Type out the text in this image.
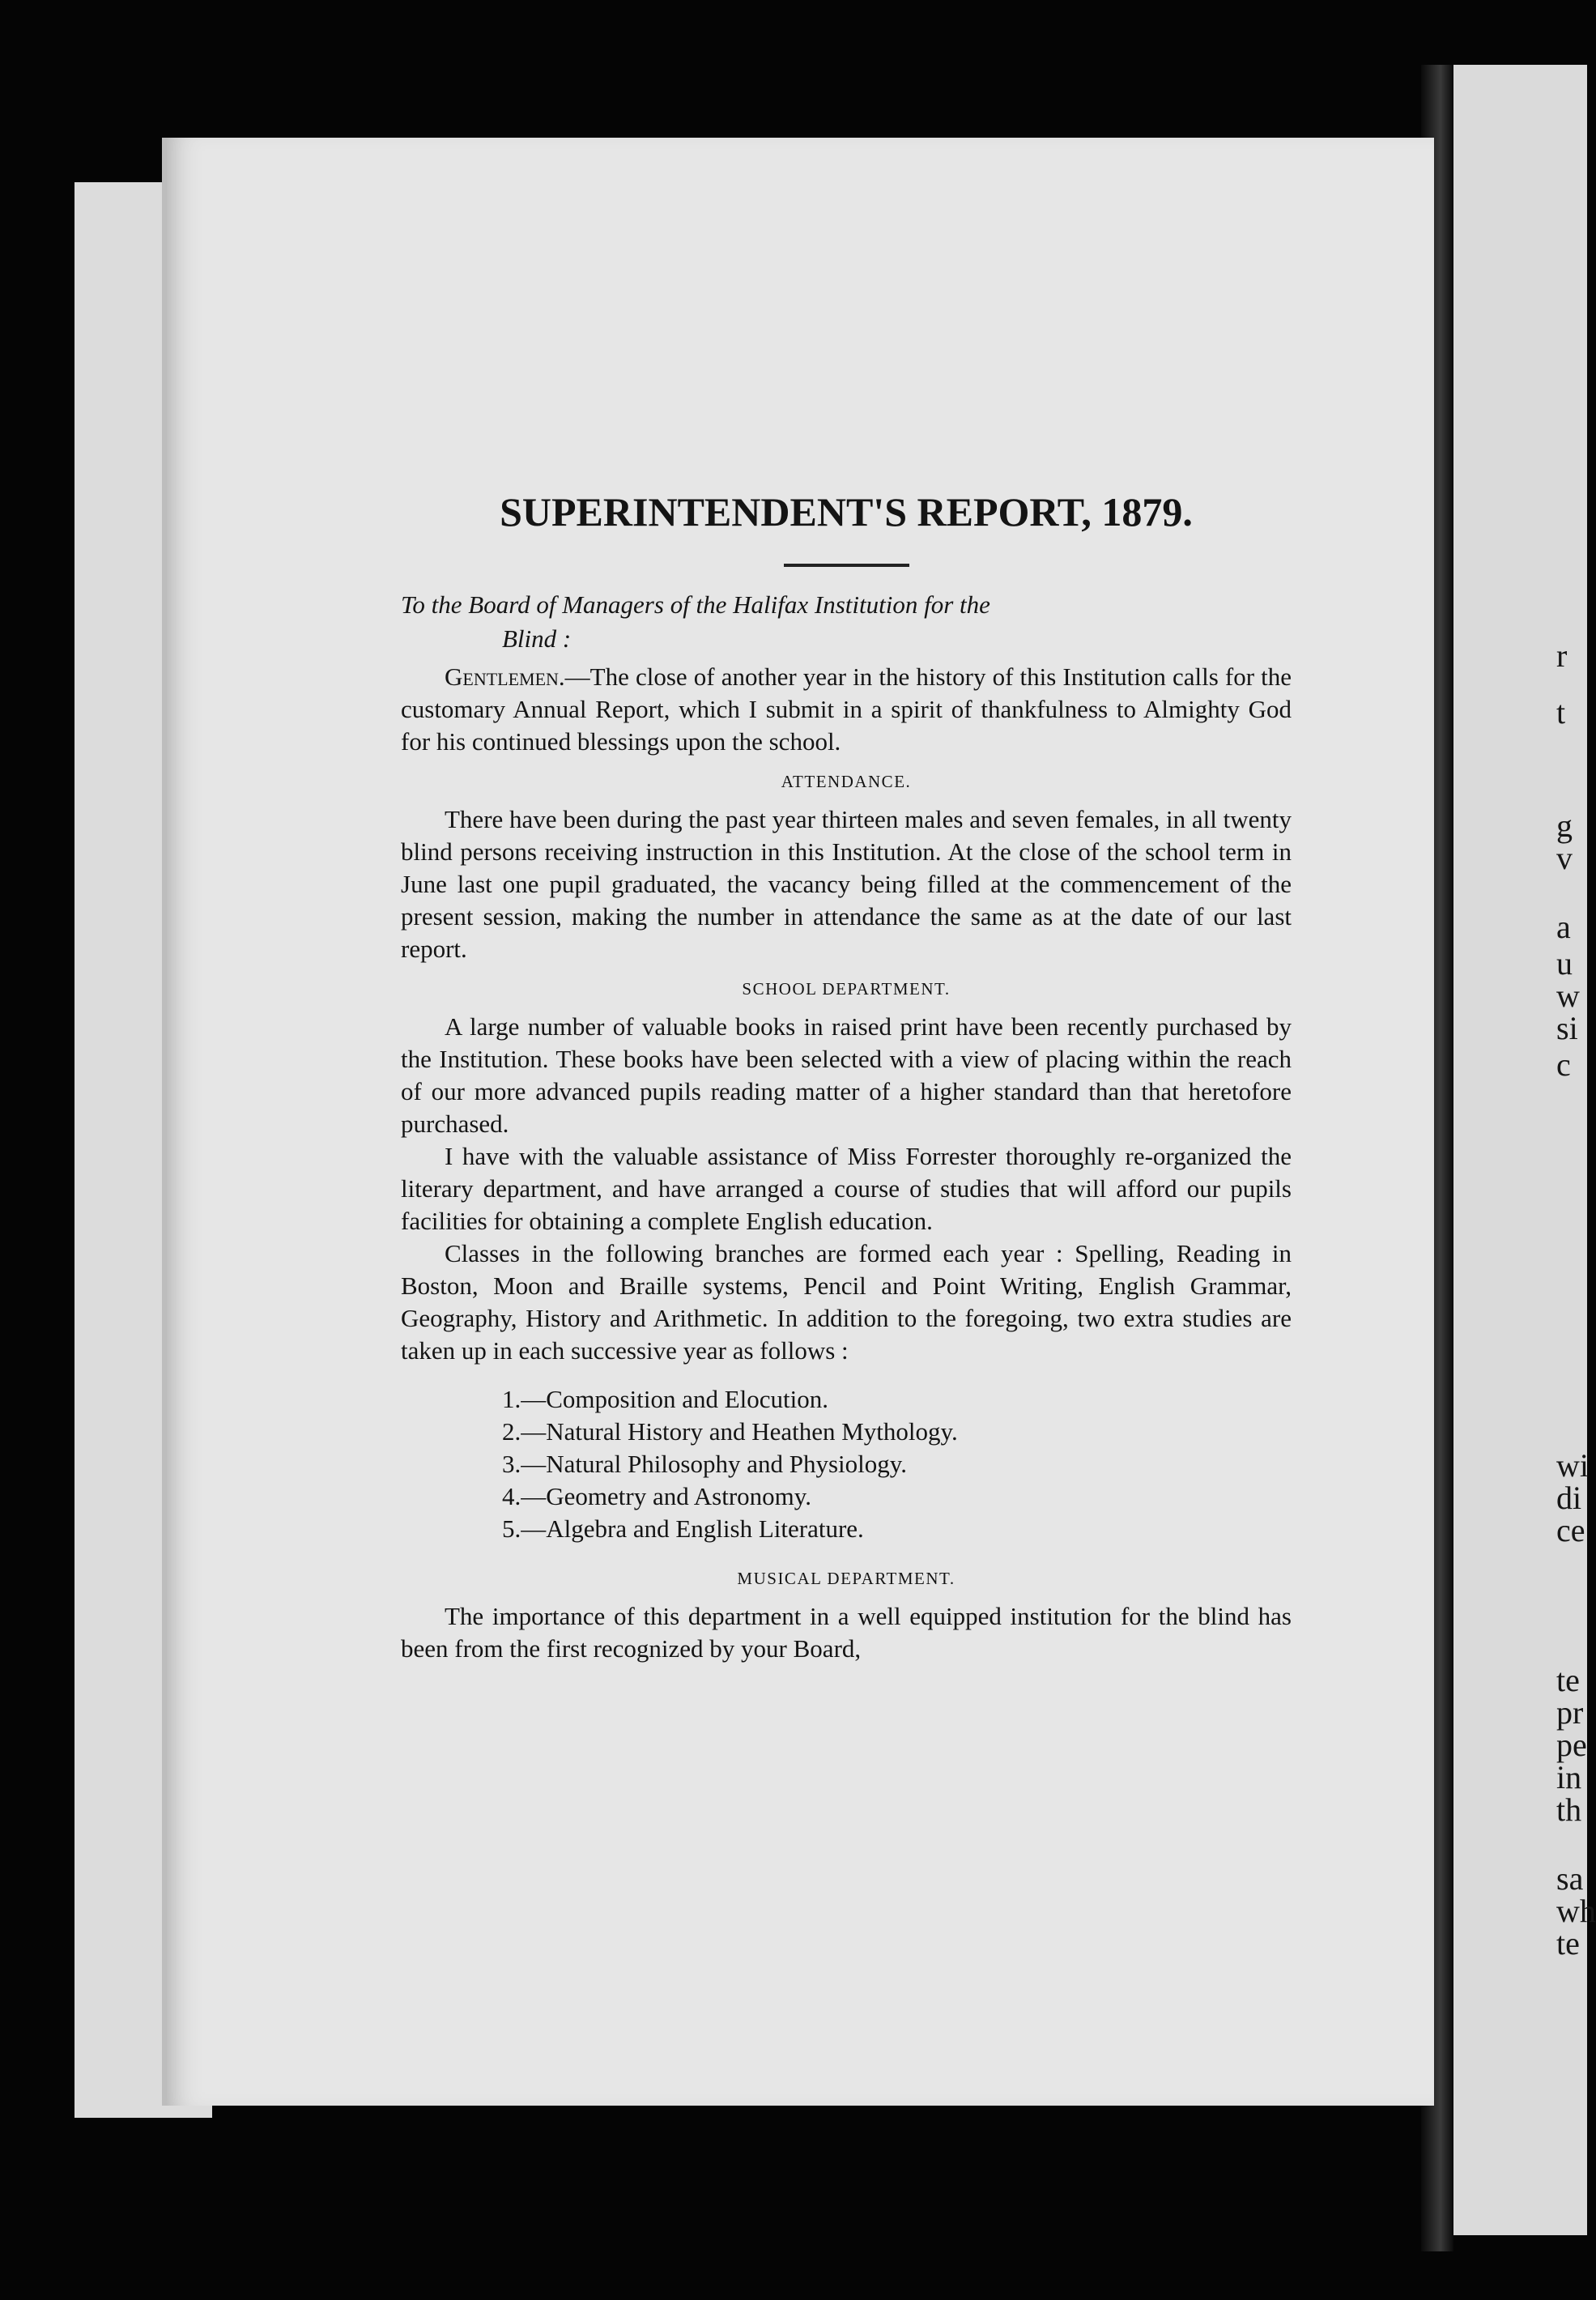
r
t
g
v
a
u
w
si
c
wi
di
ce
te
pr
pe
in
th
sa
wh
te
SUPERINTENDENT'S REPORT, 1879.
To the Board of Managers of the Halifax Institution for the
Blind :

Gentlemen.—The close of another year in the history of this Institution calls for the customary Annual Report, which I submit in a spirit of thankfulness to Almighty God for his continued blessings upon the school.

ATTENDANCE.

There have been during the past year thirteen males and seven females, in all twenty blind persons receiving instruction in this Institution. At the close of the school term in June last one pupil graduated, the vacancy being filled at the commencement of the present session, making the number in attendance the same as at the date of our last report.

SCHOOL DEPARTMENT.

A large number of valuable books in raised print have been recently purchased by the Institution. These books have been selected with a view of placing within the reach of our more advanced pupils reading matter of a higher standard than that heretofore purchased.

I have with the valuable assistance of Miss Forrester thoroughly re-organized the literary department, and have arranged a course of studies that will afford our pupils facilities for obtaining a complete English education.

Classes in the following branches are formed each year : Spelling, Reading in Boston, Moon and Braille systems, Pencil and Point Writing, English Grammar, Geography, History and Arithmetic. In addition to the foregoing, two extra studies are taken up in each successive year as follows :

1.—Composition and Elocution.
2.—Natural History and Heathen Mythology.
3.—Natural Philosophy and Physiology.
4.—Geometry and Astronomy.
5.—Algebra and English Literature.
MUSICAL DEPARTMENT.

The importance of this department in a well equipped institution for the blind has been from the first recognized by your Board,
